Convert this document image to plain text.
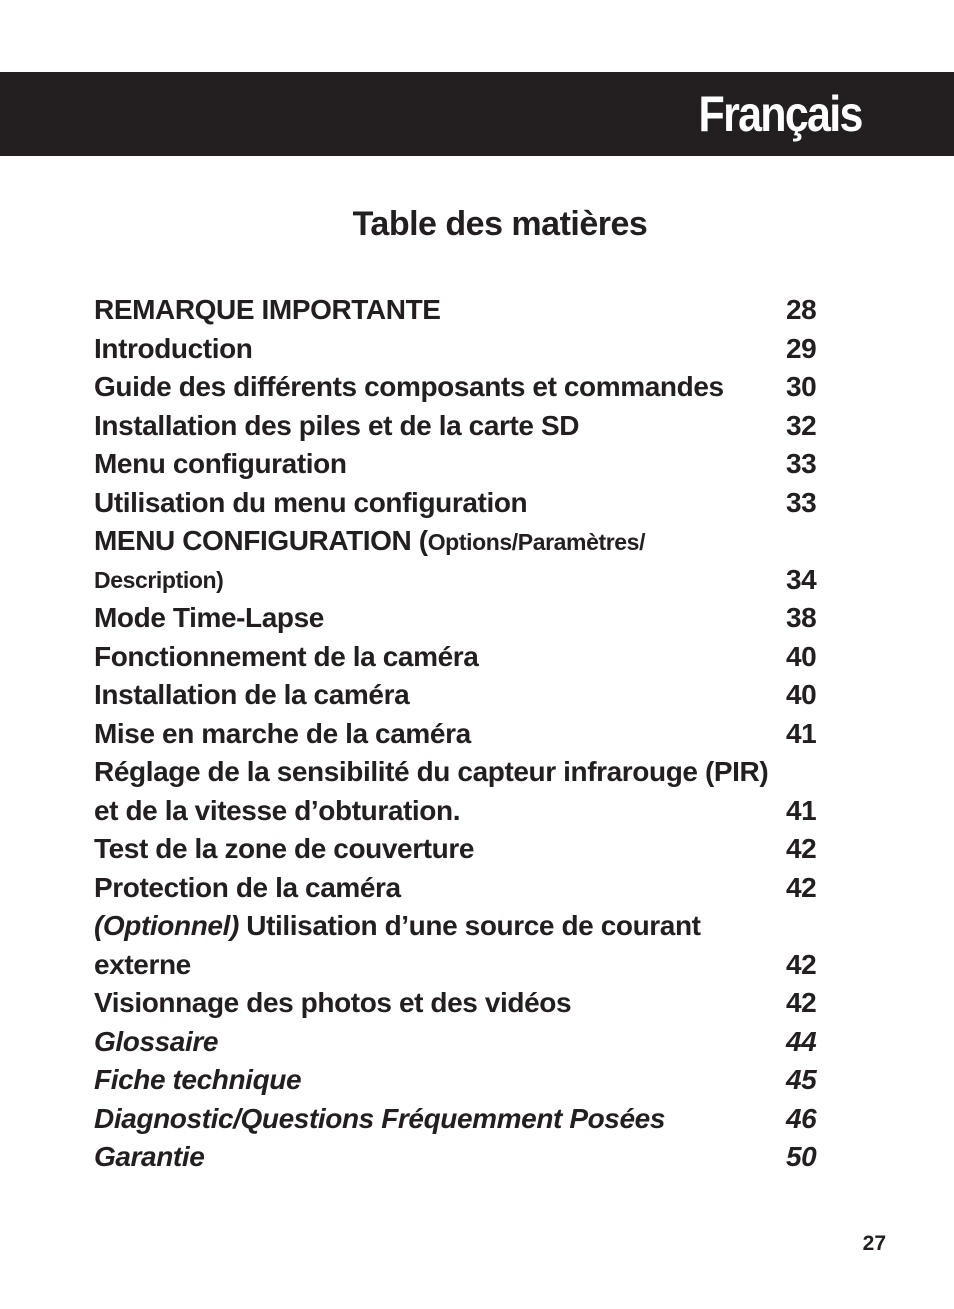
Français
Table des matières
REMARQUE IMPORTANTE	28
Introduction	29
Guide des différents composants et commandes 30
Installation des piles et de la carte SD	32
Menu configuration	33
Utilisation du menu configuration	33
MENU CONFIGURATION (Options/Paramètres/
Description)	34
Mode Time-Lapse	38
Fonctionnement de la caméra	40
Installation de la caméra	40
Mise en marche de la caméra	41
Réglage de la sensibilité du capteur infrarouge (PIR)
et de la vitesse d’obturation.	41
Test de la zone de couverture	42
Protection de la caméra	42
(Optionnel) Utilisation d’une source de courant
externe	42
Visionnage des photos et des vidéos	42
Glossaire	44
Fiche technique	45
Diagnostic/Questions Fréquemment Posées	46
Garantie	50
27
